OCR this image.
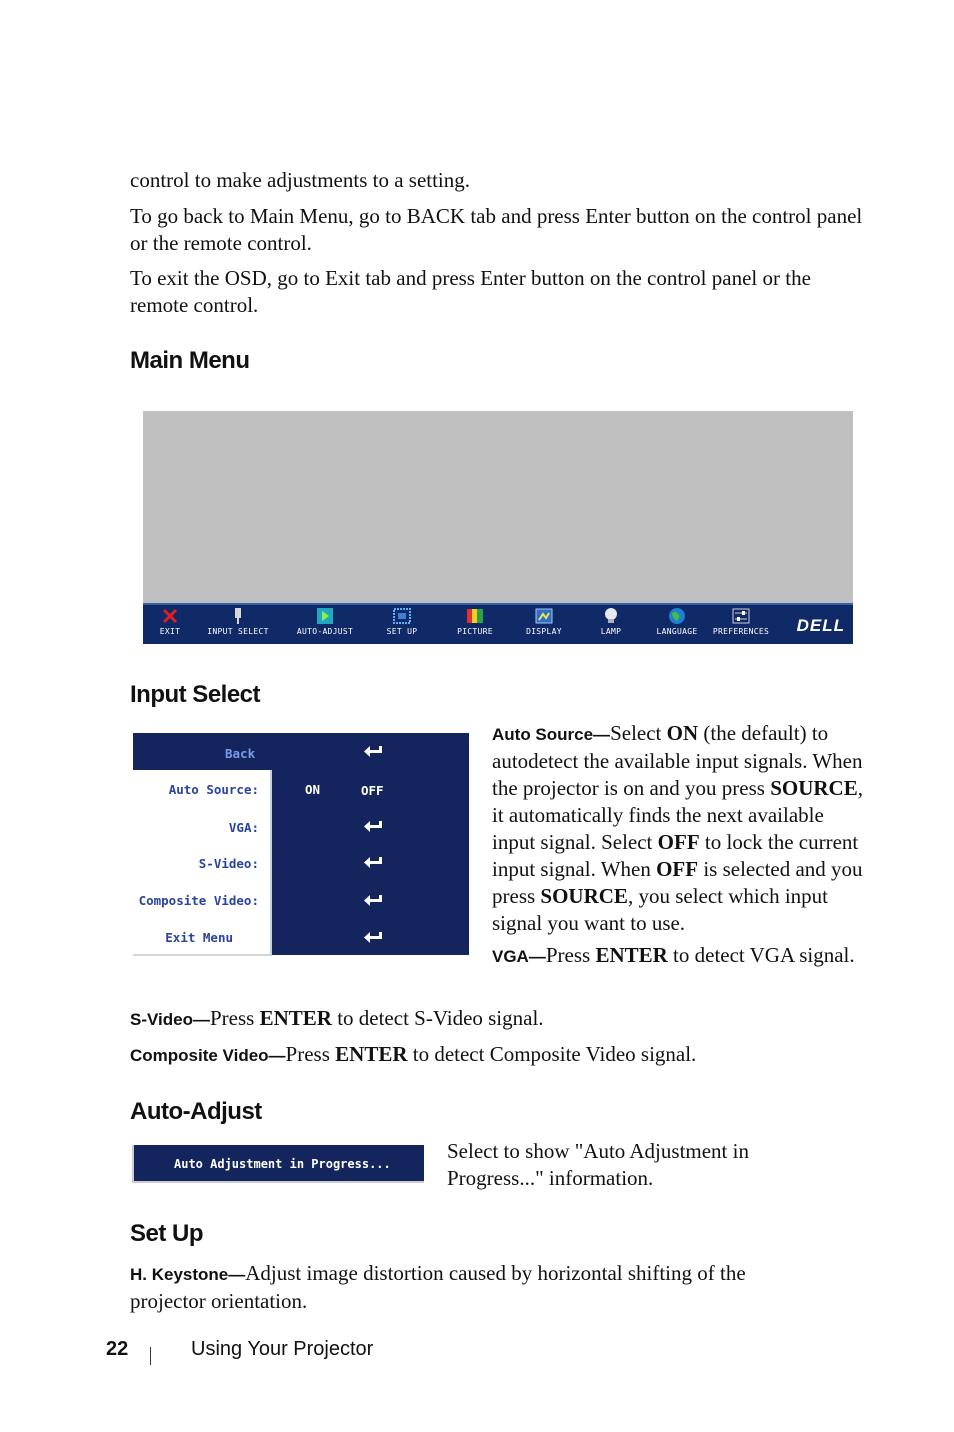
control to make adjustments to a setting.

To go back to Main Menu, go to BACK tab and press Enter button on the control panel or the remote control.

To exit the OSD, go to Exit tab and press Enter button on the control panel or the remote control.

Main Menu
EXIT	INPUT SELECT	AUTO-ADJUST	SET UP	PICTURE	DISPLAY	LAMP	LANGUAGE	PREFERENCES	DELL
Input Select
Back
Auto Source:	ON	OFF
VGA:
S-Video:
Composite Video:
Exit Menu

Auto Source—Select ON (the default) to autodetect the available input signals. When the projector is on and you press SOURCE, it automatically finds the next available input signal. Select OFF to lock the current input signal. When OFF is selected and you press SOURCE, you select which input signal you want to use.

VGA—Press ENTER to detect VGA signal.

S-Video—Press ENTER to detect S-Video signal.

Composite Video—Press ENTER to detect Composite Video signal.

Auto-Adjust
Auto Adjustment in Progress...

Select to show "Auto Adjustment in Progress..." information.

Set Up

H. Keystone—Adjust image distortion caused by horizontal shifting of the projector orientation.

22	Using Your Projector
